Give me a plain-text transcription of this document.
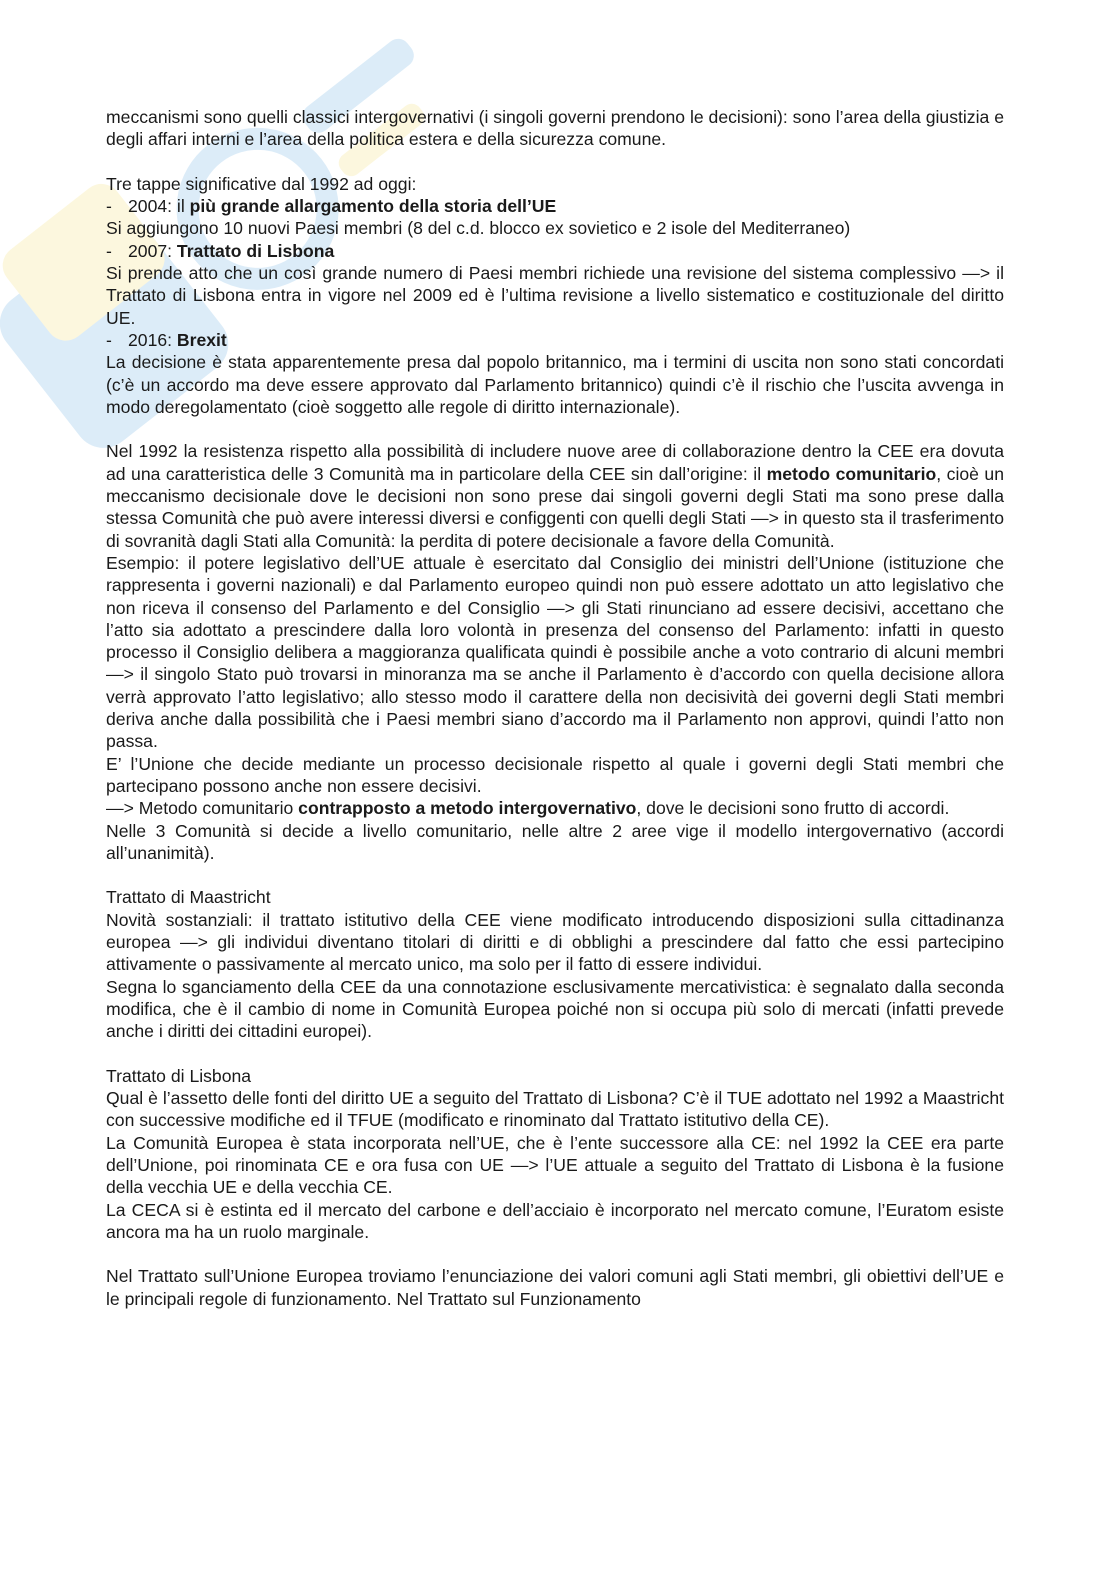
meccanismi sono quelli classici intergovernativi (i singoli governi prendono le decisioni): sono l’area della giustizia e degli affari interni e l’area della politica estera e della sicurezza comune.

Tre tappe significative dal 1992 ad oggi:

- 2004: il più grande allargamento della storia dell’UE

Si aggiungono 10 nuovi Paesi membri (8 del c.d. blocco ex sovietico e 2 isole del Mediterraneo)

- 2007: Trattato di Lisbona

Si prende atto che un così grande numero di Paesi membri richiede una revisione del sistema complessivo —> il Trattato di Lisbona entra in vigore nel 2009 ed è l’ultima revisione a livello sistematico e costituzionale del diritto UE.

- 2016: Brexit

La decisione è stata apparentemente presa dal popolo britannico, ma i termini di uscita non sono stati concordati (c’è un accordo ma deve essere approvato dal Parlamento britannico) quindi c’è il rischio che l’uscita avvenga in modo deregolamentato (cioè soggetto alle regole di diritto internazionale).

Nel 1992 la resistenza rispetto alla possibilità di includere nuove aree di collaborazione dentro la CEE era dovuta ad una caratteristica delle 3 Comunità ma in particolare della CEE sin dall’origine: il metodo comunitario, cioè un meccanismo decisionale dove le decisioni non sono prese dai singoli governi degli Stati ma sono prese dalla stessa Comunità che può avere interessi diversi e configgenti con quelli degli Stati —> in questo sta il trasferimento di sovranità dagli Stati alla Comunità: la perdita di potere decisionale a favore della Comunità.

Esempio: il potere legislativo dell’UE attuale è esercitato dal Consiglio dei ministri dell’Unione (istituzione che rappresenta i governi nazionali) e dal Parlamento europeo quindi non può essere adottato un atto legislativo che non riceva il consenso del Parlamento e del Consiglio —> gli Stati rinunciano ad essere decisivi, accettano che l’atto sia adottato a prescindere dalla loro volontà in presenza del consenso del Parlamento: infatti in questo processo il Consiglio delibera a maggioranza qualificata quindi è possibile anche a voto contrario di alcuni membri —> il singolo Stato può trovarsi in minoranza ma se anche il Parlamento è d’accordo con quella decisione allora verrà approvato l’atto legislativo; allo stesso modo il carattere della non decisività dei governi degli Stati membri deriva anche dalla possibilità che i Paesi membri siano d’accordo ma il Parlamento non approvi, quindi l’atto non passa.

E’ l’Unione che decide mediante un processo decisionale rispetto al quale i governi degli Stati membri che partecipano possono anche non essere decisivi.

—> Metodo comunitario contrapposto a metodo intergovernativo, dove le decisioni sono frutto di accordi.

Nelle 3 Comunità si decide a livello comunitario, nelle altre 2 aree vige il modello intergovernativo (accordi all’unanimità).

Trattato di Maastricht

Novità sostanziali: il trattato istitutivo della CEE viene modificato introducendo disposizioni sulla cittadinanza europea —> gli individui diventano titolari di diritti e di obblighi a prescindere dal fatto che essi partecipino attivamente o passivamente al mercato unico, ma solo per il fatto di essere individui.

Segna lo sganciamento della CEE da una connotazione esclusivamente mercativistica: è segnalato dalla seconda modifica, che è il cambio di nome in Comunità Europea poiché non si occupa più solo di mercati (infatti prevede anche i diritti dei cittadini europei).

Trattato di Lisbona

Qual è l’assetto delle fonti del diritto UE a seguito del Trattato di Lisbona? C’è il TUE adottato nel 1992 a Maastricht con successive modifiche ed il TFUE (modificato e rinominato dal Trattato istitutivo della CE).

La Comunità Europea è stata incorporata nell’UE, che è l’ente successore alla CE: nel 1992 la CEE era parte dell’Unione, poi rinominata CE e ora fusa con UE —> l’UE attuale a seguito del Trattato di Lisbona è la fusione della vecchia UE e della vecchia CE.

La CECA si è estinta ed il mercato del carbone e dell’acciaio è incorporato nel mercato comune, l’Euratom esiste ancora ma ha un ruolo marginale.

Nel Trattato sull’Unione Europea troviamo l’enunciazione dei valori comuni agli Stati membri, gli obiettivi dell’UE e le principali regole di funzionamento. Nel Trattato sul Funzionamento
